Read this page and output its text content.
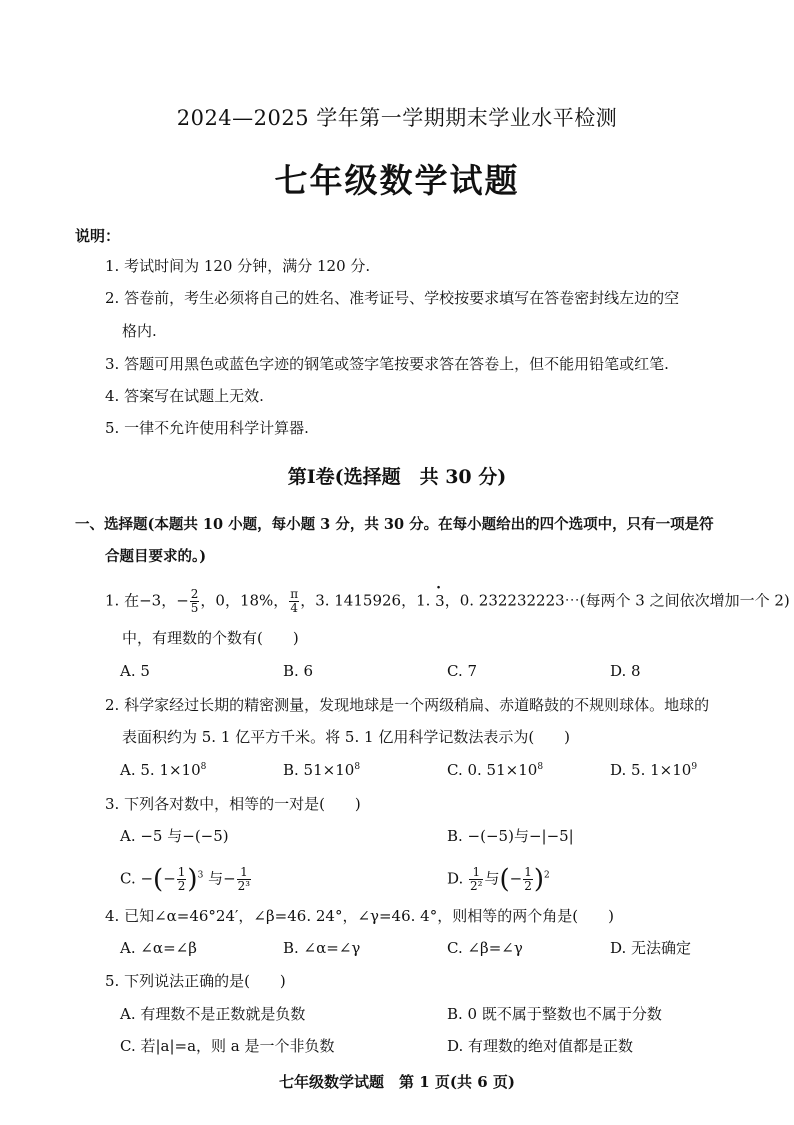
2024—2025 学年第一学期期末学业水平检测
七年级数学试题
说明：
1. 考试时间为 120 分钟，满分 120 分.
2. 答卷前，考生必须将自己的姓名、准考证号、学校按要求填写在答卷密封线左边的空
格内.
3. 答题可用黑色或蓝色字迹的钢笔或签字笔按要求答在答卷上，但不能用铅笔或红笔.
4. 答案写在试题上无效.
5. 一律不允许使用科学计算器.
第Ⅰ卷(选择题　共 30 分)
一、选择题(本题共 10 小题，每小题 3 分，共 30 分。在每小题给出的四个选项中，只有一项是符
合题目要求的。)
1. 在−3，− $\frac{2}{5}$ ，0，18%， $\frac{\pi}{4}$ ，3. 1415926，1. · 3，0. 232232223⋯(每两个 3 之间依次增加一个 2)
中，有理数的个数有(　　)
A. 5	B. 6	C. 7	D. 8
2. 科学家经过长期的精密测量，发现地球是一个两级稍扁、赤道略鼓的不规则球体。地球的
表面积约为 5. 1 亿平方千米。将 5. 1 亿用科学记数法表示为(　　)
A. 5. $1\times 10^8$	B. $51\times 10^8$	C. 0. $51\times 10^8$	D. 5. $1\times 10^9$
3. 下列各对数中，相等的一对是(　　)
A. −5 与−(−5)	B. −(−5)与−|−5|
C. −(− $\frac{1}{2} )^3$ 与− $\frac{1}{\text{2³}}$	D. $\frac{1}{\text{2²}}$ 与(− $\frac{1}{2} )^2$
4. 已知∠α=46°24′，∠β=46. 24°，∠γ=46. 4°，则相等的两个角是(　　)
A. ∠α=∠β	B. ∠α=∠γ	C. ∠β=∠γ	D. 无法确定
5. 下列说法正确的是(　　)
A. 有理数不是正数就是负数	B. 0 既不属于整数也不属于分数
C. 若|a|=a，则 a 是一个非负数	D. 有理数的绝对值都是正数
七年级数学试题　第 1 页(共 6 页)
